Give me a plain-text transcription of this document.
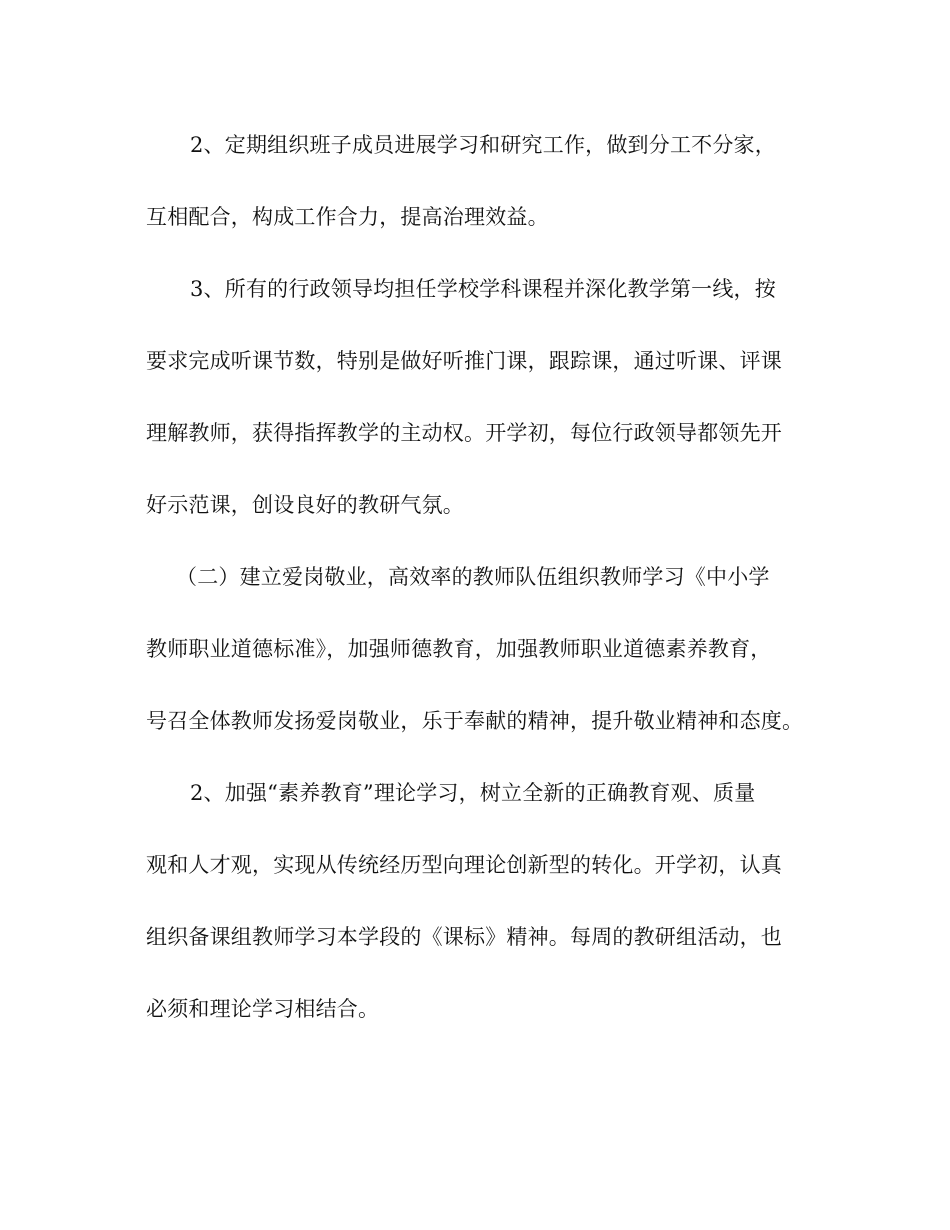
2、定期组织班子成员进展学习和研究工作，做到分工不分家，

互相配合，构成工作合力，提高治理效益。

3、所有的行政领导均担任学校学科课程并深化教学第一线，按

要求完成听课节数，特别是做好听推门课，跟踪课，通过听课、评课

理解教师，获得指挥教学的主动权。开学初，每位行政领导都领先开

好示范课，创设良好的教研气氛。

（二）建立爱岗敬业，高效率的教师队伍组织教师学习《中小学

教师职业道德标准》，加强师德教育，加强教师职业道德素养教育，

号召全体教师发扬爱岗敬业，乐于奉献的精神，提升敬业精神和态度。

2、加强“素养教育”理论学习，树立全新的正确教育观、质量

观和人才观，实现从传统经历型向理论创新型的转化。开学初，认真

组织备课组教师学习本学段的《课标》精神。每周的教研组活动，也

必须和理论学习相结合。
